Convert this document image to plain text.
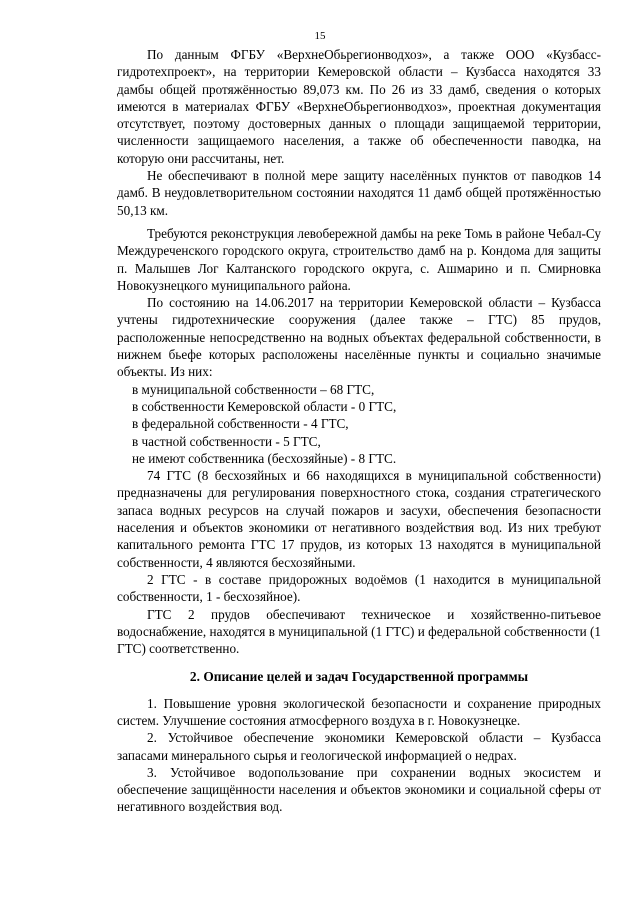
15

По данным ФГБУ «ВерхнеОбьрегионводхоз», а также ООО «Кузбасс-гидротехпроект», на территории Кемеровской области – Кузбасса находятся 33 дамбы общей протяжённостью 89,073 км. По 26 из 33 дамб, сведения о которых имеются в материалах ФГБУ «ВерхнеОбьрегионводхоз», проектная документация отсутствует, поэтому достоверных данных о площади защищаемой территории, численности защищаемого населения, а также об обеспеченности паводка, на которую они рассчитаны, нет.

Не обеспечивают в полной мере защиту населённых пунктов от паводков 14 дамб. В неудовлетворительном состоянии находятся 11 дамб общей протяжённостью 50,13 км.

Требуются реконструкция левобережной дамбы на реке Томь в районе Чебал-Су Междуреченского городского округа, строительство дамб на р. Кондома для защиты п. Малышев Лог Калтанского городского округа, с. Ашмарино и п. Смирновка Новокузнецкого муниципального района.

По состоянию на 14.06.2017 на территории Кемеровской области – Кузбасса учтены гидротехнические сооружения (далее также – ГТС) 85 прудов, расположенные непосредственно на водных объектах федеральной собственности, в нижнем бьефе которых расположены населённые пункты и социально значимые объекты. Из них:

в муниципальной собственности – 68 ГТС,

в собственности Кемеровской области - 0 ГТС,

в федеральной собственности - 4 ГТС,

в частной собственности - 5 ГТС,

не имеют собственника (бесхозяйные) - 8 ГТС.

74 ГТС (8 бесхозяйных и 66 находящихся в муниципальной собственности) предназначены для регулирования поверхностного стока, создания стратегического запаса водных ресурсов на случай пожаров и засухи, обеспечения безопасности населения и объектов экономики от негативного воздействия вод. Из них требуют капитального ремонта ГТС 17 прудов, из которых 13 находятся в муниципальной собственности, 4 являются бесхозяйными.

2 ГТС - в составе придорожных водоёмов (1 находится в муниципальной собственности, 1 - бесхозяйное).

ГТС 2 прудов обеспечивают техническое и хозяйственно-питьевое водоснабжение, находятся в муниципальной (1 ГТС) и федеральной собственности (1 ГТС) соответственно.

2. Описание целей и задач Государственной программы

1. Повышение уровня экологической безопасности и сохранение природных систем. Улучшение состояния атмосферного воздуха в г. Новокузнецке.

2. Устойчивое обеспечение экономики Кемеровской области – Кузбасса запасами минерального сырья и геологической информацией о недрах.

3. Устойчивое водопользование при сохранении водных экосистем и обеспечение защищённости населения и объектов экономики и социальной сферы от негативного воздействия вод.
